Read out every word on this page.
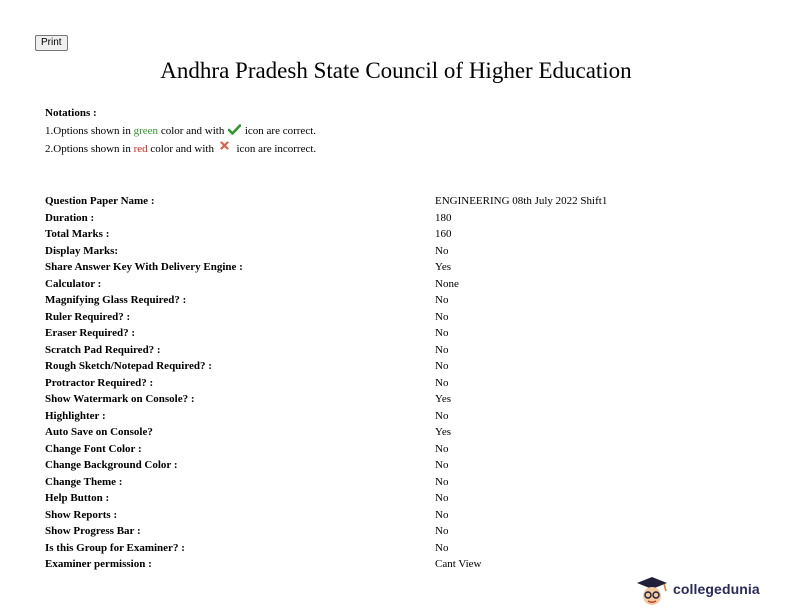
Print
Andhra Pradesh State Council of Higher Education
Notations :
1.Options shown in green color and with  icon are correct.
2.Options shown in red color and with  icon are incorrect.
Question Paper Name :	ENGINEERING 08th July 2022 Shift1
Duration :	180
Total Marks :	160
Display Marks:	No
Share Answer Key With Delivery Engine :	Yes
Calculator :	None
Magnifying Glass Required? :	No
Ruler Required? :	No
Eraser Required? :	No
Scratch Pad Required? :	No
Rough Sketch/Notepad Required? :	No
Protractor Required? :	No
Show Watermark on Console? :	Yes
Highlighter :	No
Auto Save on Console?	Yes
Change Font Color :	No
Change Background Color :	No
Change Theme :	No
Help Button :	No
Show Reports :	No
Show Progress Bar :	No
Is this Group for Examiner? :	No
Examiner permission :	Cant View
collegedunia
